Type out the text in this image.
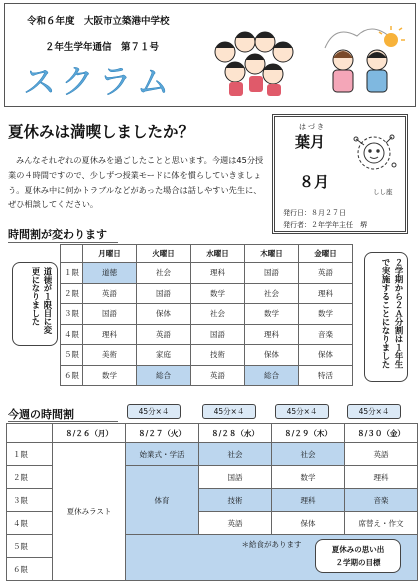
令和６年度　大阪市立築港中学校
２年生学年通信　第７１号
スクラム
夏休みは満喫しましたか？

みんなそれぞれの夏休みを過ごしたことと思います。今週は45分授業の４時間ですので、少しずつ授業モードに体を慣らしていきましょう。夏休み中に何かトラブルなどがあった場合は話しやすい先生に、ぜひ相談してください。

はづき
葉月
８月
しし座
発行日：８月２７日
発行者：２年学年主任　堺
時間割が変わります
道徳が１限目に変更になりました	２学期から２Ａ分割は１年生で実施することになりました
	月曜日	火曜日	水曜日	木曜日	金曜日
１限	道徳	社会	理科	国語	英語
２限	英語	国語	数学	社会	理科
３限	国語	保体	社会	数学	数学
４限	理科	英語	国語	理科	音楽
５限	美術	家庭	技術	保体	保体
６限	数学	総合	英語	総合	特活
今週の時間割	45分×４	45分×４	45分×４	45分×４
	８/２６（月）	８/２７（火）	８/２８（水）	８/２９（木）	８/３０（金）
１限	夏休みラスト	始業式・学活	社会	社会	英語
２限		体育	国語	数学	理科
３限			技術	理科	音楽
４限			英語	保体	席替え・作文
５限		＊給食があります			
６限					
夏休みの思い出
２学期の目標
